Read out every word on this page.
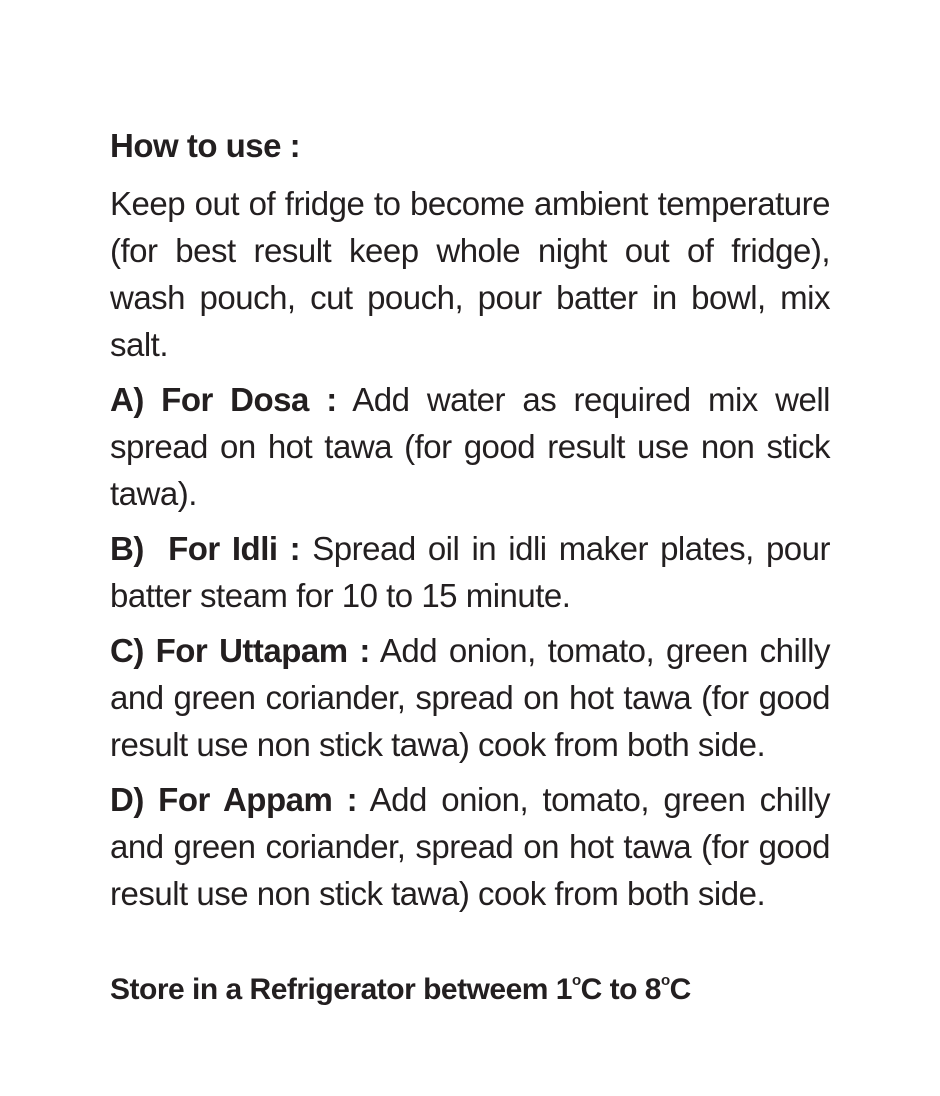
How to use :
Keep out of fridge to become ambient temperature (for best result keep whole night out of fridge), wash pouch, cut pouch, pour batter in bowl, mix salt.
A) For Dosa : Add water as required mix well spread on hot tawa (for good result use non stick tawa).
B)  For Idli : Spread oil in idli maker plates, pour batter steam for 10 to 15 minute.
C) For Uttapam : Add onion, tomato, green chilly and green coriander, spread on hot tawa (for good result use non stick tawa) cook from both side.
D) For Appam : Add onion, tomato, green chilly and green coriander, spread on hot tawa (for good result use non stick tawa) cook from both side.
Store in a Refrigerator betweem 1$^o$C to 8$^o$C
